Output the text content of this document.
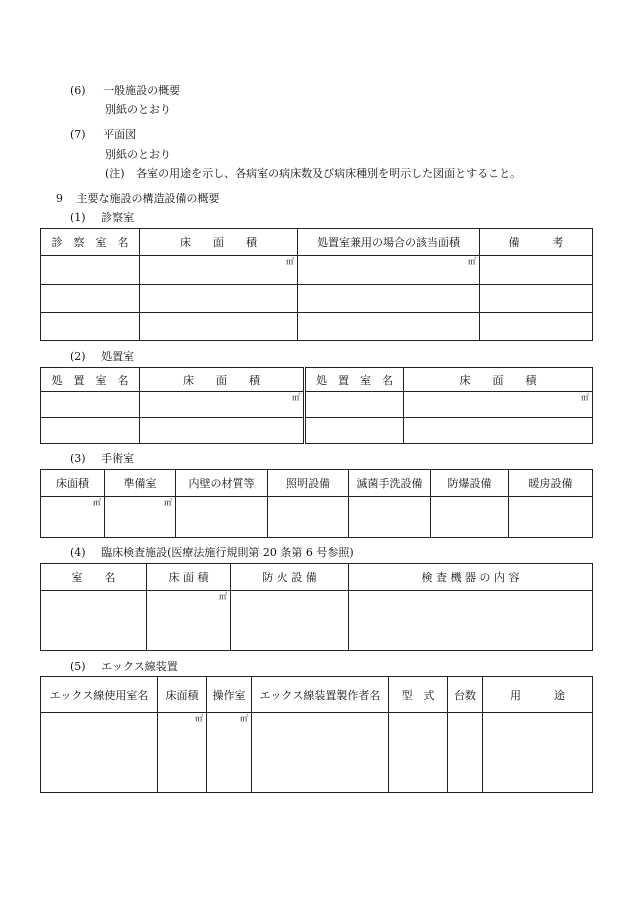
(6) 一般施設の概要
別紙のとおり
(7) 平面図
別紙のとおり
(注) 各室の用途を示し、各病室の病床数及び病床種別を明示した図面とすること。
9 主要な施設の構造設備の概要
(1) 診察室
診　察　室　名	床　　面　　積	処置室兼用の場合の該当面積	備　　　考
	㎡	㎡	

(2) 処置室
処　置　室　名	床　　面　　積	処　置　室　名	床　　面　　積
	㎡		㎡

(3) 手術室
床面積	準備室	内壁の材質等	照明設備	滅菌手洗設備	防爆設備	暖房設備
㎡	㎡					
(4) 臨床検査施設(医療法施行規則第 20 条第 6 号参照)
室　　名	床 面 積	防 火 設 備	検 査 機 器 の 内 容
	㎡		
(5) エックス線装置
エックス線使用室名	床面積	操作室	エックス線装置製作者名	型　式	台数	用　　　途
	㎡	㎡				
